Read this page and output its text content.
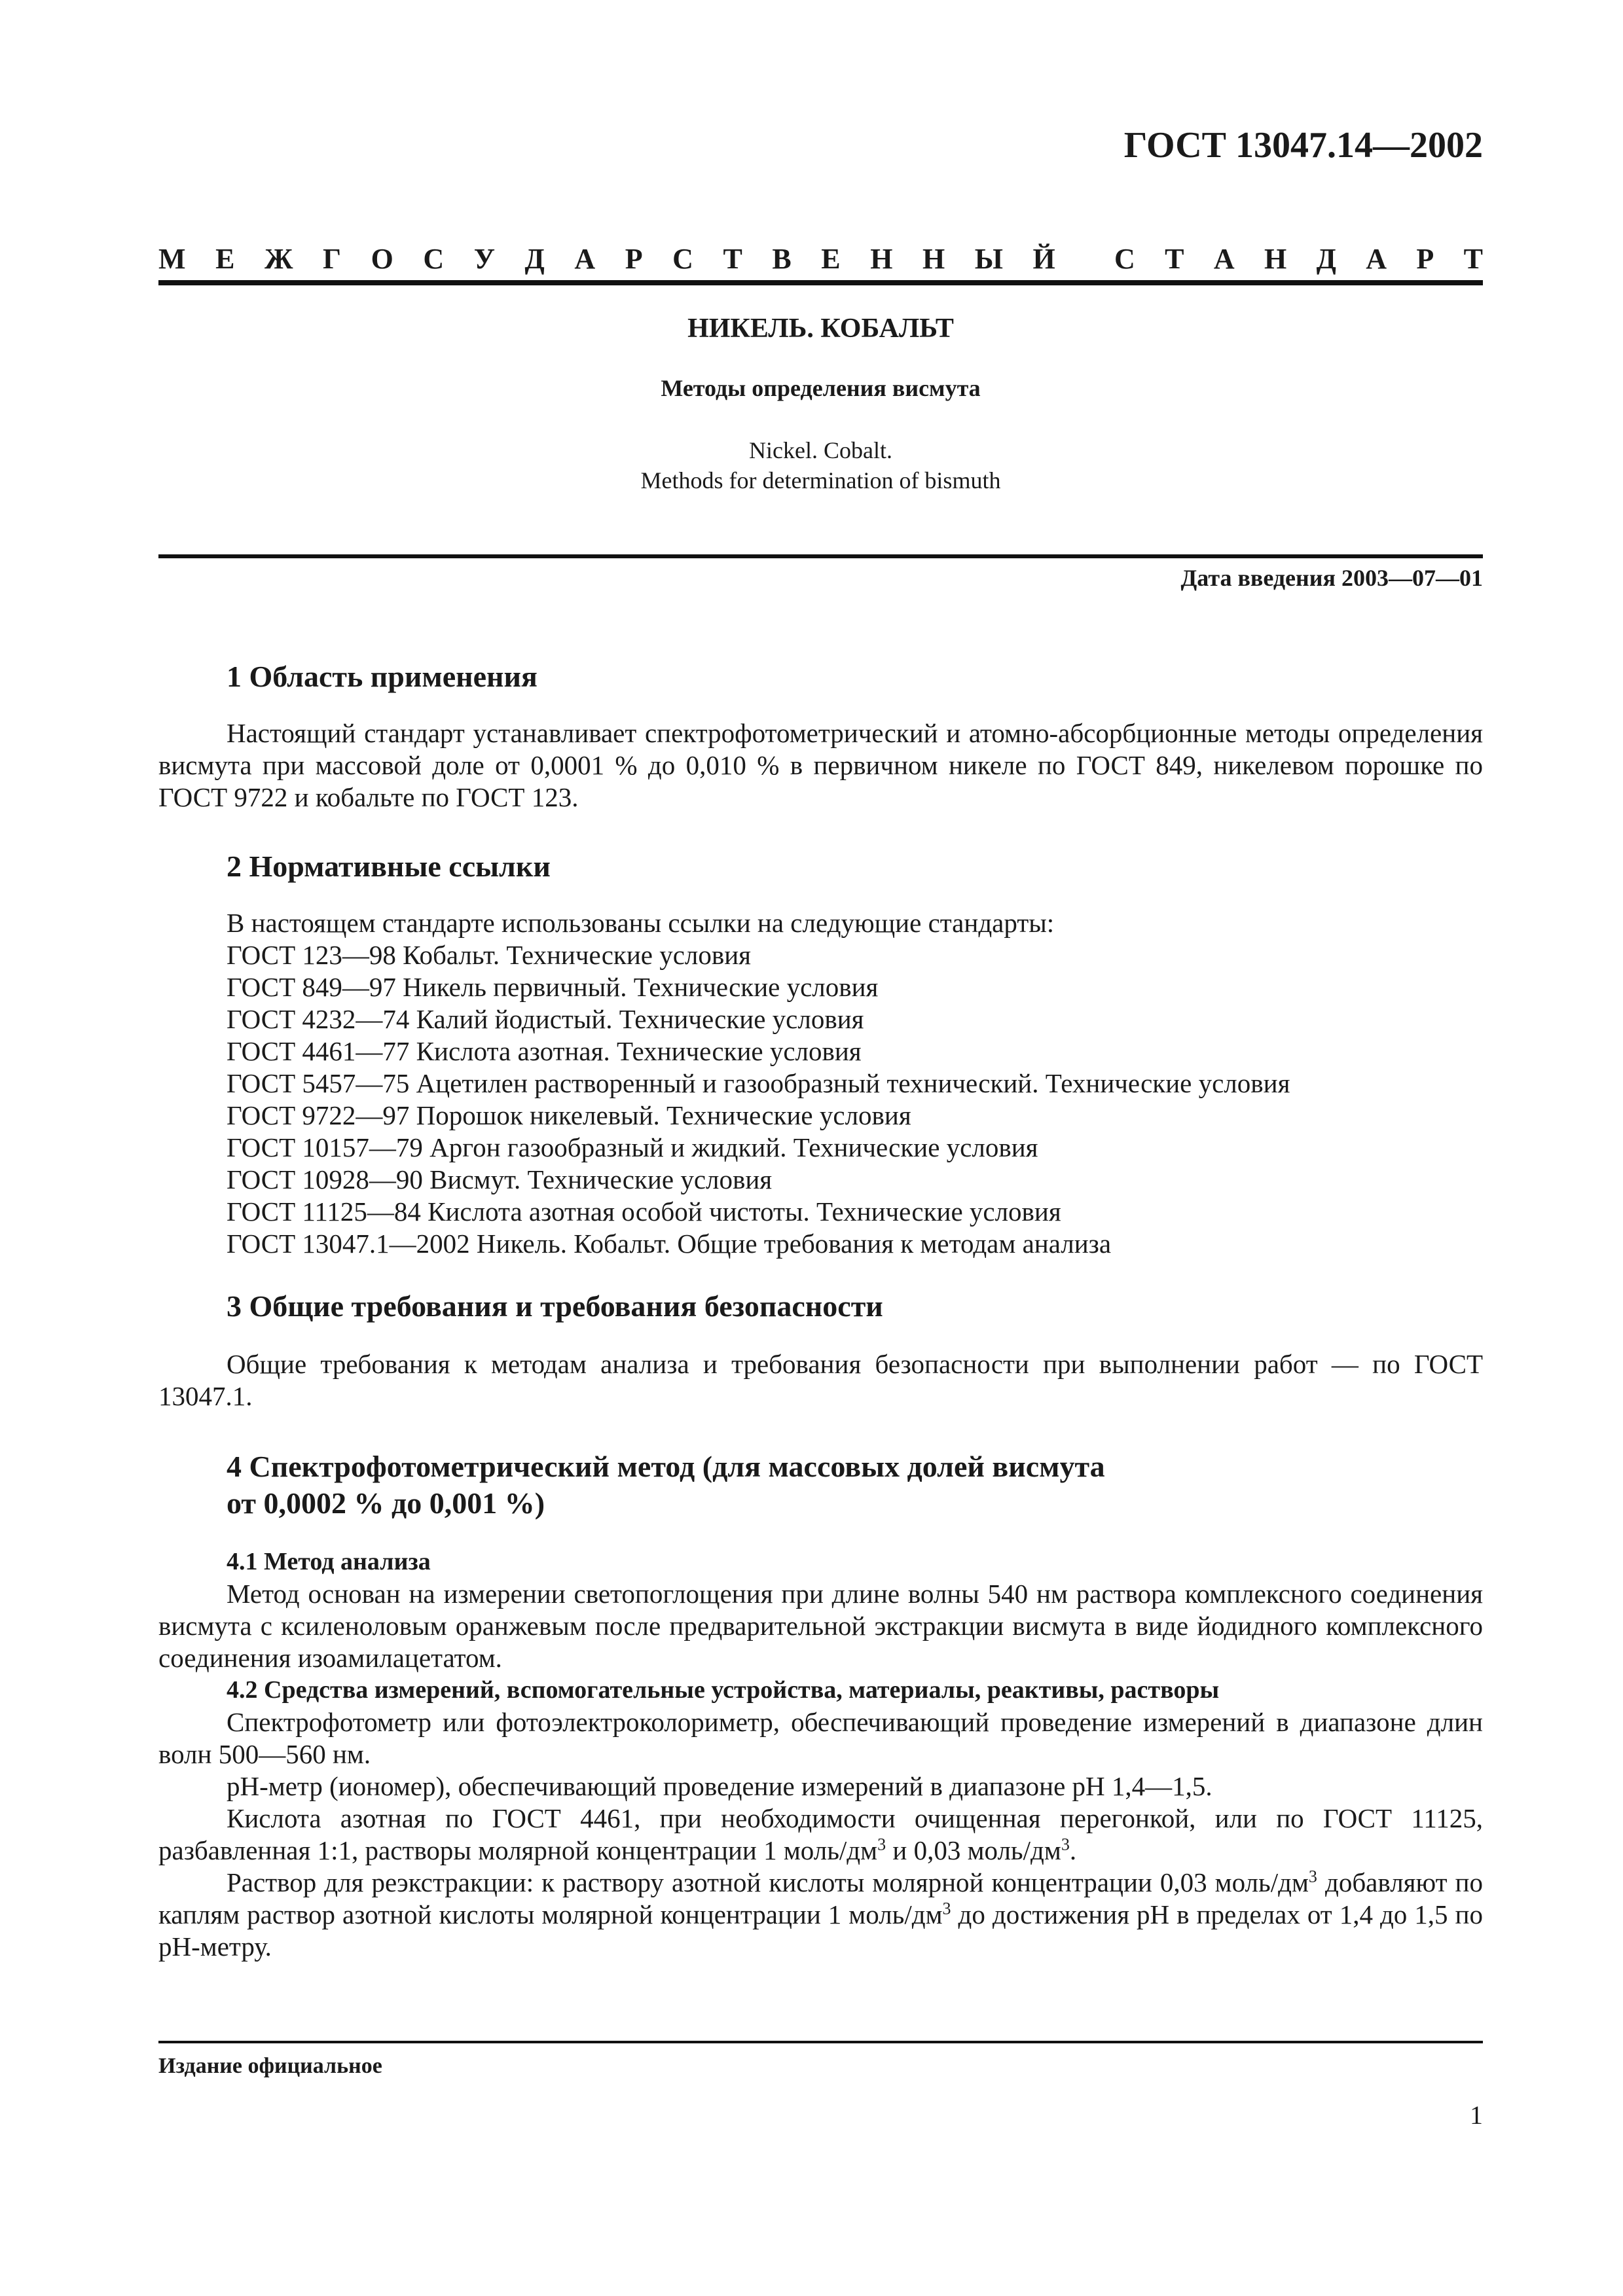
ГОСТ 13047.14—2002
М Е Ж Г О С У Д А Р С Т В Е Н Н Ы Й С Т А Н Д А Р Т
НИКЕЛЬ. КОБАЛЬТ
Методы определения висмута
Nickel. Cobalt.
Methods for determination of bismuth
Дата введения 2003—07—01
1 Область применения
Настоящий стандарт устанавливает спектрофотометрический и атомно-абсорбционные методы определения висмута при массовой доле от 0,0001 % до 0,010 % в первичном никеле по ГОСТ 849, никелевом порошке по ГОСТ 9722 и кобальте по ГОСТ 123.
2 Нормативные ссылки
В настоящем стандарте использованы ссылки на следующие стандарты:
ГОСТ 123—98 Кобальт. Технические условия
ГОСТ 849—97 Никель первичный. Технические условия
ГОСТ 4232—74 Калий йодистый. Технические условия
ГОСТ 4461—77 Кислота азотная. Технические условия
ГОСТ 5457—75 Ацетилен растворенный и газообразный технический. Технические условия
ГОСТ 9722—97 Порошок никелевый. Технические условия
ГОСТ 10157—79 Аргон газообразный и жидкий. Технические условия
ГОСТ 10928—90 Висмут. Технические условия
ГОСТ 11125—84 Кислота азотная особой чистоты. Технические условия
ГОСТ 13047.1—2002 Никель. Кобальт. Общие требования к методам анализа
3 Общие требования и требования безопасности
Общие требования к методам анализа и требования безопасности при выполнении работ — по ГОСТ 13047.1.
4 Спектрофотометрический метод (для массовых долей висмута
от 0,0002 % до 0,001 %)
4.1 Метод анализа
Метод основан на измерении светопоглощения при длине волны 540 нм раствора комплексного соединения висмута с ксиленоловым оранжевым после предварительной экстракции висмута в виде йодидного комплексного соединения изоамилацетатом.
4.2 Средства измерений, вспомогательные устройства, материалы, реактивы, растворы
Спектрофотометр или фотоэлектроколориметр, обеспечивающий проведение измерений в диапазоне длин волн 500—560 нм.
рН-метр (иономер), обеспечивающий проведение измерений в диапазоне рН 1,4—1,5.
Кислота азотная по ГОСТ 4461, при необходимости очищенная перегонкой, или по ГОСТ 11125, разбавленная 1:1, растворы молярной концентрации 1 моль/$дм^3$ и 0,03 моль/$дм^3$.
Раствор для реэкстракции: к раствору азотной кислоты молярной концентрации 0,03 моль/$дм^3$ добавляют по каплям раствор азотной кислоты молярной концентрации 1 моль/$дм^3$ до достижения рН в пределах от 1,4 до 1,5 по рН-метру.
Издание официальное
1
